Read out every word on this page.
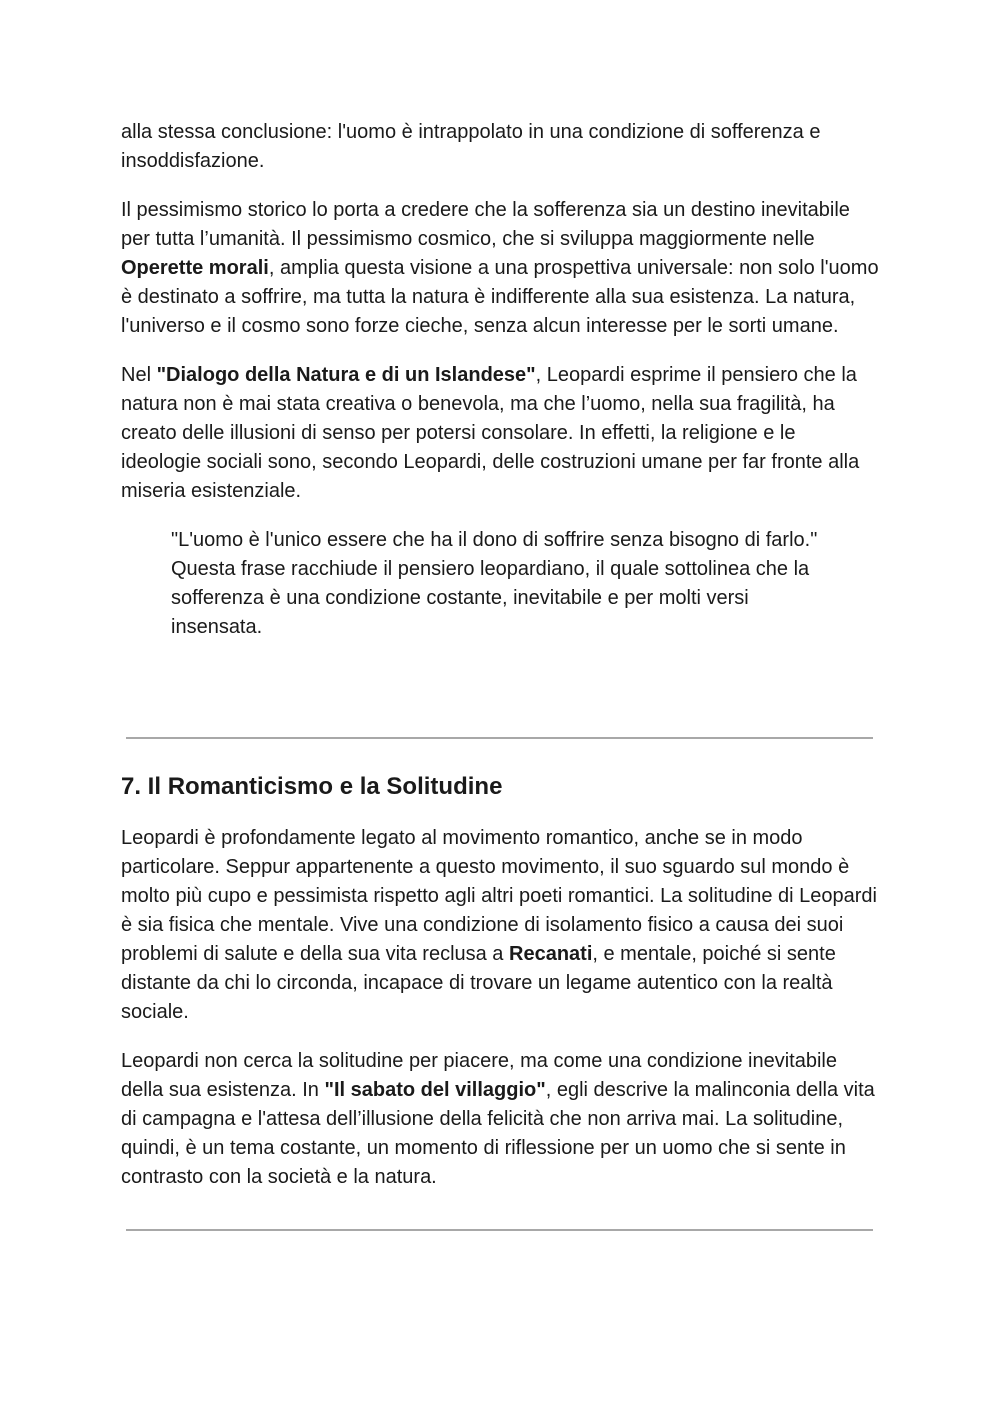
alla stessa conclusione: l'uomo è intrappolato in una condizione di sofferenza e insoddisfazione.

Il pessimismo storico lo porta a credere che la sofferenza sia un destino inevitabile per tutta l’umanità. Il pessimismo cosmico, che si sviluppa maggiormente nelle Operette morali, amplia questa visione a una prospettiva universale: non solo l'uomo è destinato a soffrire, ma tutta la natura è indifferente alla sua esistenza. La natura, l'universo e il cosmo sono forze cieche, senza alcun interesse per le sorti umane.

Nel "Dialogo della Natura e di un Islandese", Leopardi esprime il pensiero che la natura non è mai stata creativa o benevola, ma che l’uomo, nella sua fragilità, ha creato delle illusioni di senso per potersi consolare. In effetti, la religione e le ideologie sociali sono, secondo Leopardi, delle costruzioni umane per far fronte alla miseria esistenziale.

"L'uomo è l'unico essere che ha il dono di soffrire senza bisogno di farlo."
Questa frase racchiude il pensiero leopardiano, il quale sottolinea che la sofferenza è una condizione costante, inevitabile e per molti versi insensata.
7. Il Romanticismo e la Solitudine

Leopardi è profondamente legato al movimento romantico, anche se in modo particolare. Seppur appartenente a questo movimento, il suo sguardo sul mondo è molto più cupo e pessimista rispetto agli altri poeti romantici. La solitudine di Leopardi è sia fisica che mentale. Vive una condizione di isolamento fisico a causa dei suoi problemi di salute e della sua vita reclusa a Recanati, e mentale, poiché si sente distante da chi lo circonda, incapace di trovare un legame autentico con la realtà sociale.

Leopardi non cerca la solitudine per piacere, ma come una condizione inevitabile della sua esistenza. In "Il sabato del villaggio", egli descrive la malinconia della vita di campagna e l'attesa dell’illusione della felicità che non arriva mai. La solitudine, quindi, è un tema costante, un momento di riflessione per un uomo che si sente in contrasto con la società e la natura.
